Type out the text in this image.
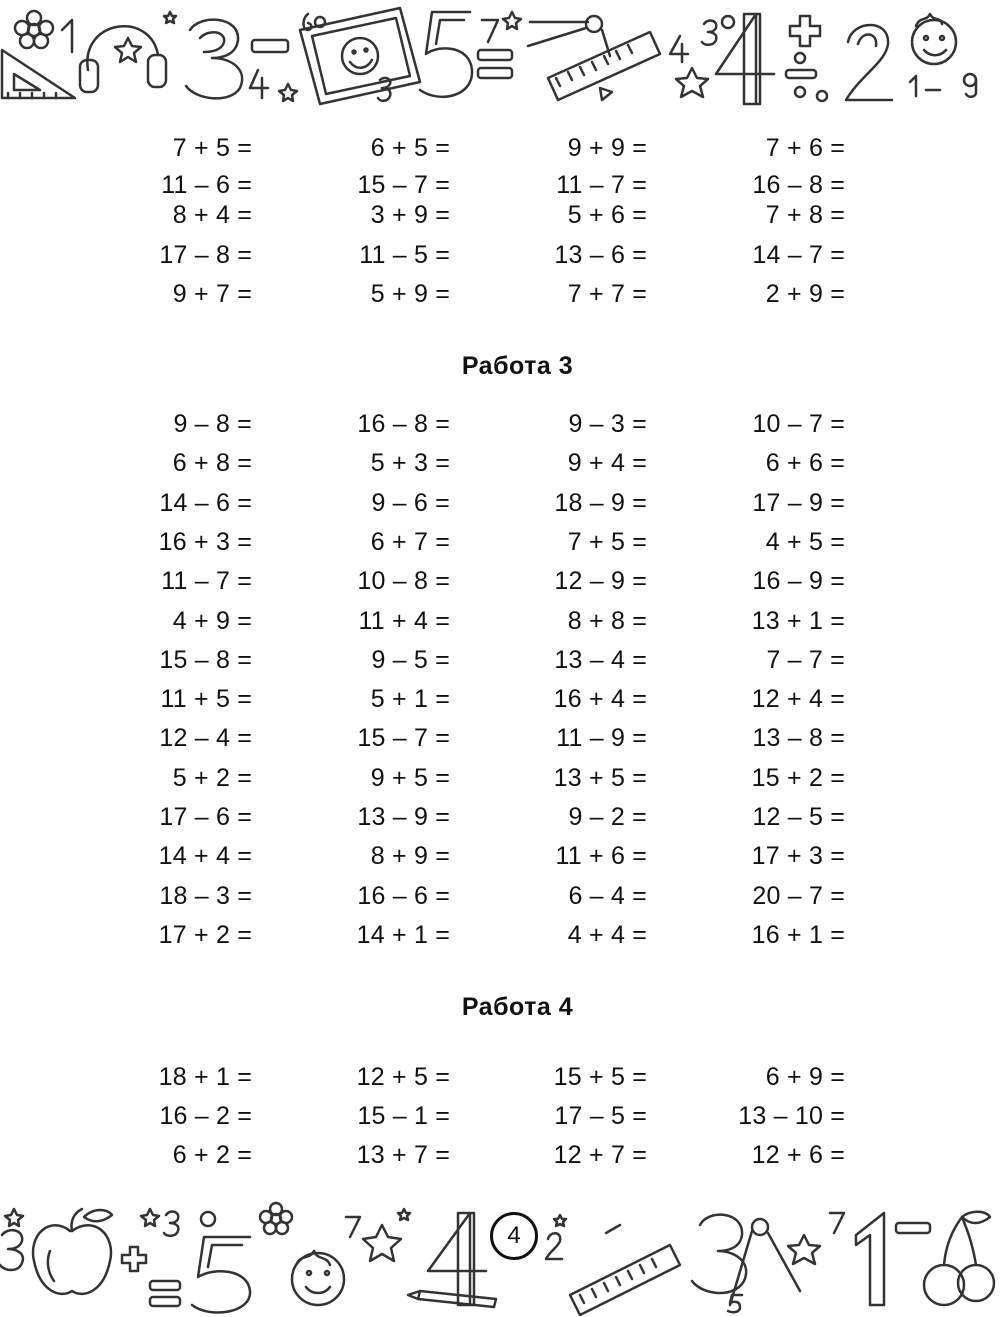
7 + 5 =	6 + 5 =	9 + 9 =	7 + 6 =
11 – 6 =	15 – 7 =	11 – 7 =	16 – 8 =
8 + 4 =	3 + 9 =	5 + 6 =	7 + 8 =
17 – 8 =	11 – 5 =	13 – 6 =	14 – 7 =
9 + 7 =	5 + 9 =	7 + 7 =	2 + 9 =
Работа 3
9 – 8 =	16 – 8 =	9 – 3 =	10 – 7 =
6 + 8 =	5 + 3 =	9 + 4 =	6 + 6 =
14 – 6 =	9 – 6 =	18 – 9 =	17 – 9 =
16 + 3 =	6 + 7 =	7 + 5 =	4 + 5 =
11 – 7 =	10 – 8 =	12 – 9 =	16 – 9 =
4 + 9 =	11 + 4 =	8 + 8 =	13 + 1 =
15 – 8 =	9 – 5 =	13 – 4 =	7 – 7 =
11 + 5 =	5 + 1 =	16 + 4 =	12 + 4 =
12 – 4 =	15 – 7 =	11 – 9 =	13 – 8 =
5 + 2 =	9 + 5 =	13 + 5 =	15 + 2 =
17 – 6 =	13 – 9 =	9 – 2 =	12 – 5 =
14 + 4 =	8 + 9 =	11 + 6 =	17 + 3 =
18 – 3 =	16 – 6 =	6 – 4 =	20 – 7 =
17 + 2 =	14 + 1 =	4 + 4 =	16 + 1 =
Работа 4
18 + 1 =	12 + 5 =	15 + 5 =	6 + 9 =
16 – 2 =	15 – 1 =	17 – 5 =	13 – 10 =
6 + 2 =	13 + 7 =	12 + 7 =	12 + 6 =
4
